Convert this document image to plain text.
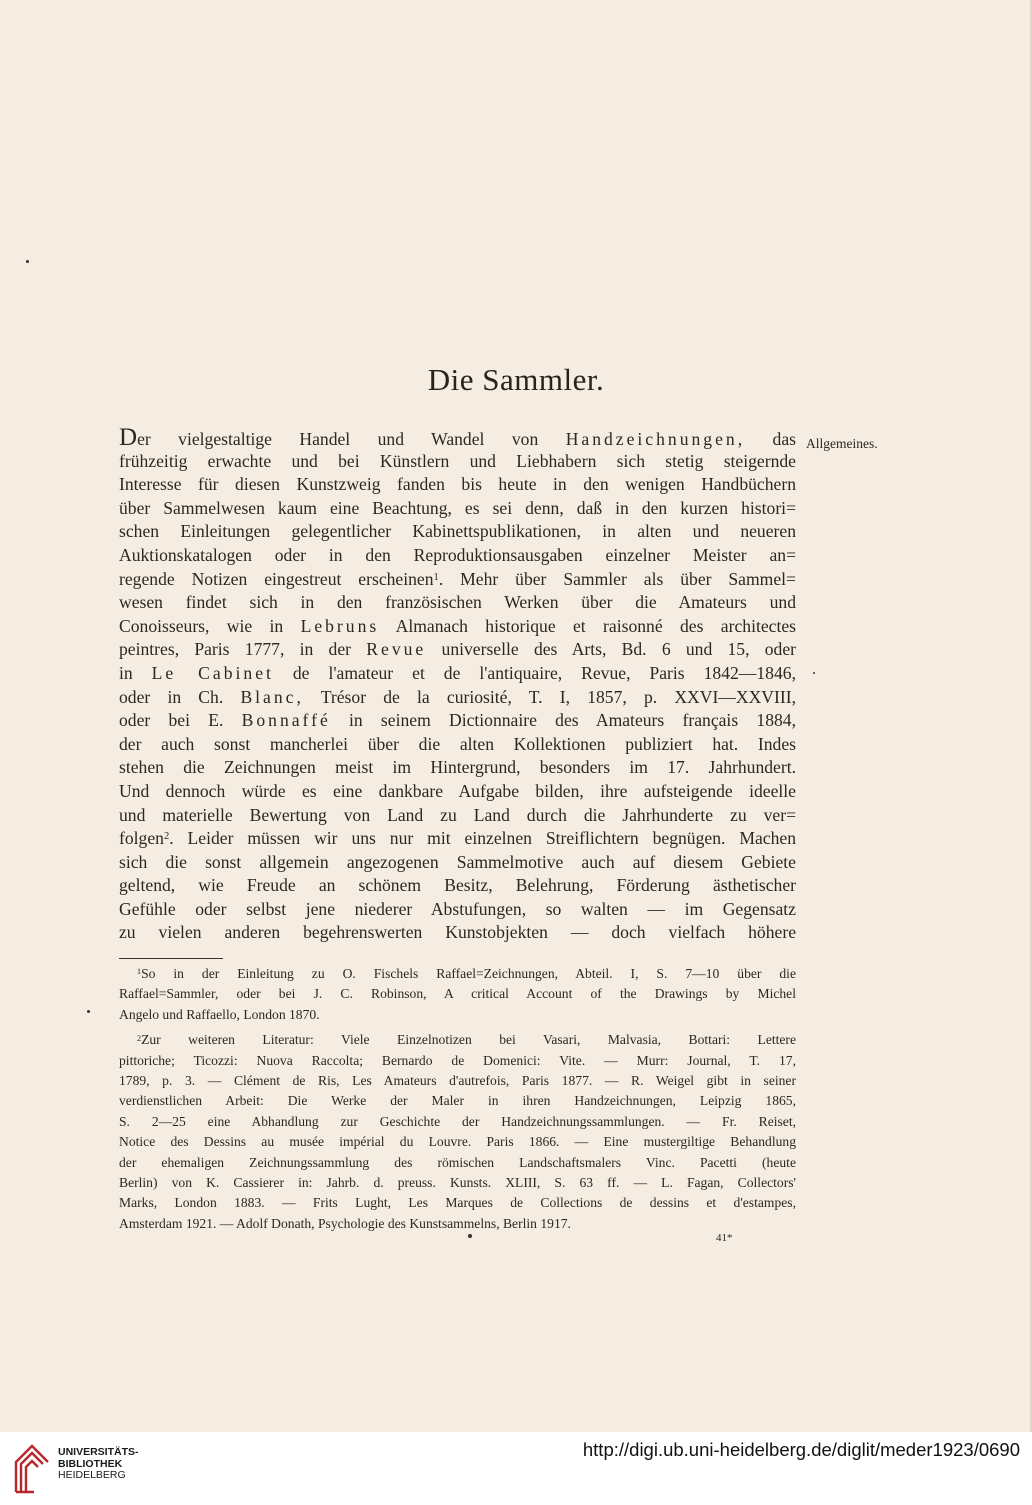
Die Sammler.
Allgemeines.
Der vielgestaltige Handel und Wandel von Handzeichnungen, das
frühzeitig erwachte und bei Künstlern und Liebhabern sich stetig steigernde
Interesse für diesen Kunstzweig fanden bis heute in den wenigen Handbüchern
über Sammelwesen kaum eine Beachtung, es sei denn, daß in den kurzen histori=
schen Einleitungen gelegentlicher Kabinettspublikationen, in alten und neueren
Auktionskatalogen oder in den Reproduktionsausgaben einzelner Meister an=
regende Notizen eingestreut erscheinen$^1$. Mehr über Sammler als über Sammel=
wesen findet sich in den französischen Werken über die Amateurs und
Conoisseurs, wie in Lebruns Almanach historique et raisonné des architectes
peintres, Paris 1777, in der Revue universelle des Arts, Bd. 6 und 15, oder
in Le Cabinet de l'amateur et de l'antiquaire, Revue, Paris 1842—1846,
oder in Ch. Blanc, Trésor de la curiosité, T. I, 1857, p. XXVI—XXVIII,
oder bei E. Bonnaffé in seinem Dictionnaire des Amateurs français 1884,
der auch sonst mancherlei über die alten Kollektionen publiziert hat. Indes
stehen die Zeichnungen meist im Hintergrund, besonders im 17. Jahrhundert.
Und dennoch würde es eine dankbare Aufgabe bilden, ihre aufsteigende ideelle
und materielle Bewertung von Land zu Land durch die Jahrhunderte zu ver=
folgen$^2$. Leider müssen wir uns nur mit einzelnen Streiflichtern begnügen. Machen
sich die sonst allgemein angezogenen Sammelmotive auch auf diesem Gebiete
geltend, wie Freude an schönem Besitz, Belehrung, Förderung ästhetischer
Gefühle oder selbst jene niederer Abstufungen, so walten — im Gegensatz
zu vielen anderen begehrenswerten Kunstobjekten — doch vielfach höhere
$^1$So in der Einleitung zu O. Fischels Raffael=Zeichnungen, Abteil. I, S. 7—10 über die
Raffael=Sammler, oder bei J. C. Robinson, A critical Account of the Drawings by Michel
Angelo und Raffaello, London 1870.
$^2$Zur weiteren Literatur: Viele Einzelnotizen bei Vasari, Malvasia, Bottari: Lettere
pittoriche; Ticozzi: Nuova Raccolta; Bernardo de Domenici: Vite. — Murr: Journal, T. 17,
1789, p. 3. — Clément de Ris, Les Amateurs d'autrefois, Paris 1877. — R. Weigel gibt in seiner
verdienstlichen Arbeit: Die Werke der Maler in ihren Handzeichnungen, Leipzig 1865,
S. 2—25 eine Abhandlung zur Geschichte der Handzeichnungssammlungen. — Fr. Reiset,
Notice des Dessins au musée impérial du Louvre. Paris 1866. — Eine mustergiltige Behandlung
der ehemaligen Zeichnungssammlung des römischen Landschaftsmalers Vinc. Pacetti (heute
Berlin) von K. Cassierer in: Jahrb. d. preuss. Kunsts. XLIII, S. 63 ff. — L. Fagan, Collectors'
Marks, London 1883. — Frits Lught, Les Marques de Collections de dessins et d'estampes,
Amsterdam 1921. — Adolf Donath, Psychologie des Kunstsammelns, Berlin 1917.
41*
UNIVERSITÄTS-
BIBLIOTHEK
HEIDELBERG
http://digi.ub.uni-heidelberg.de/diglit/meder1923/0690
